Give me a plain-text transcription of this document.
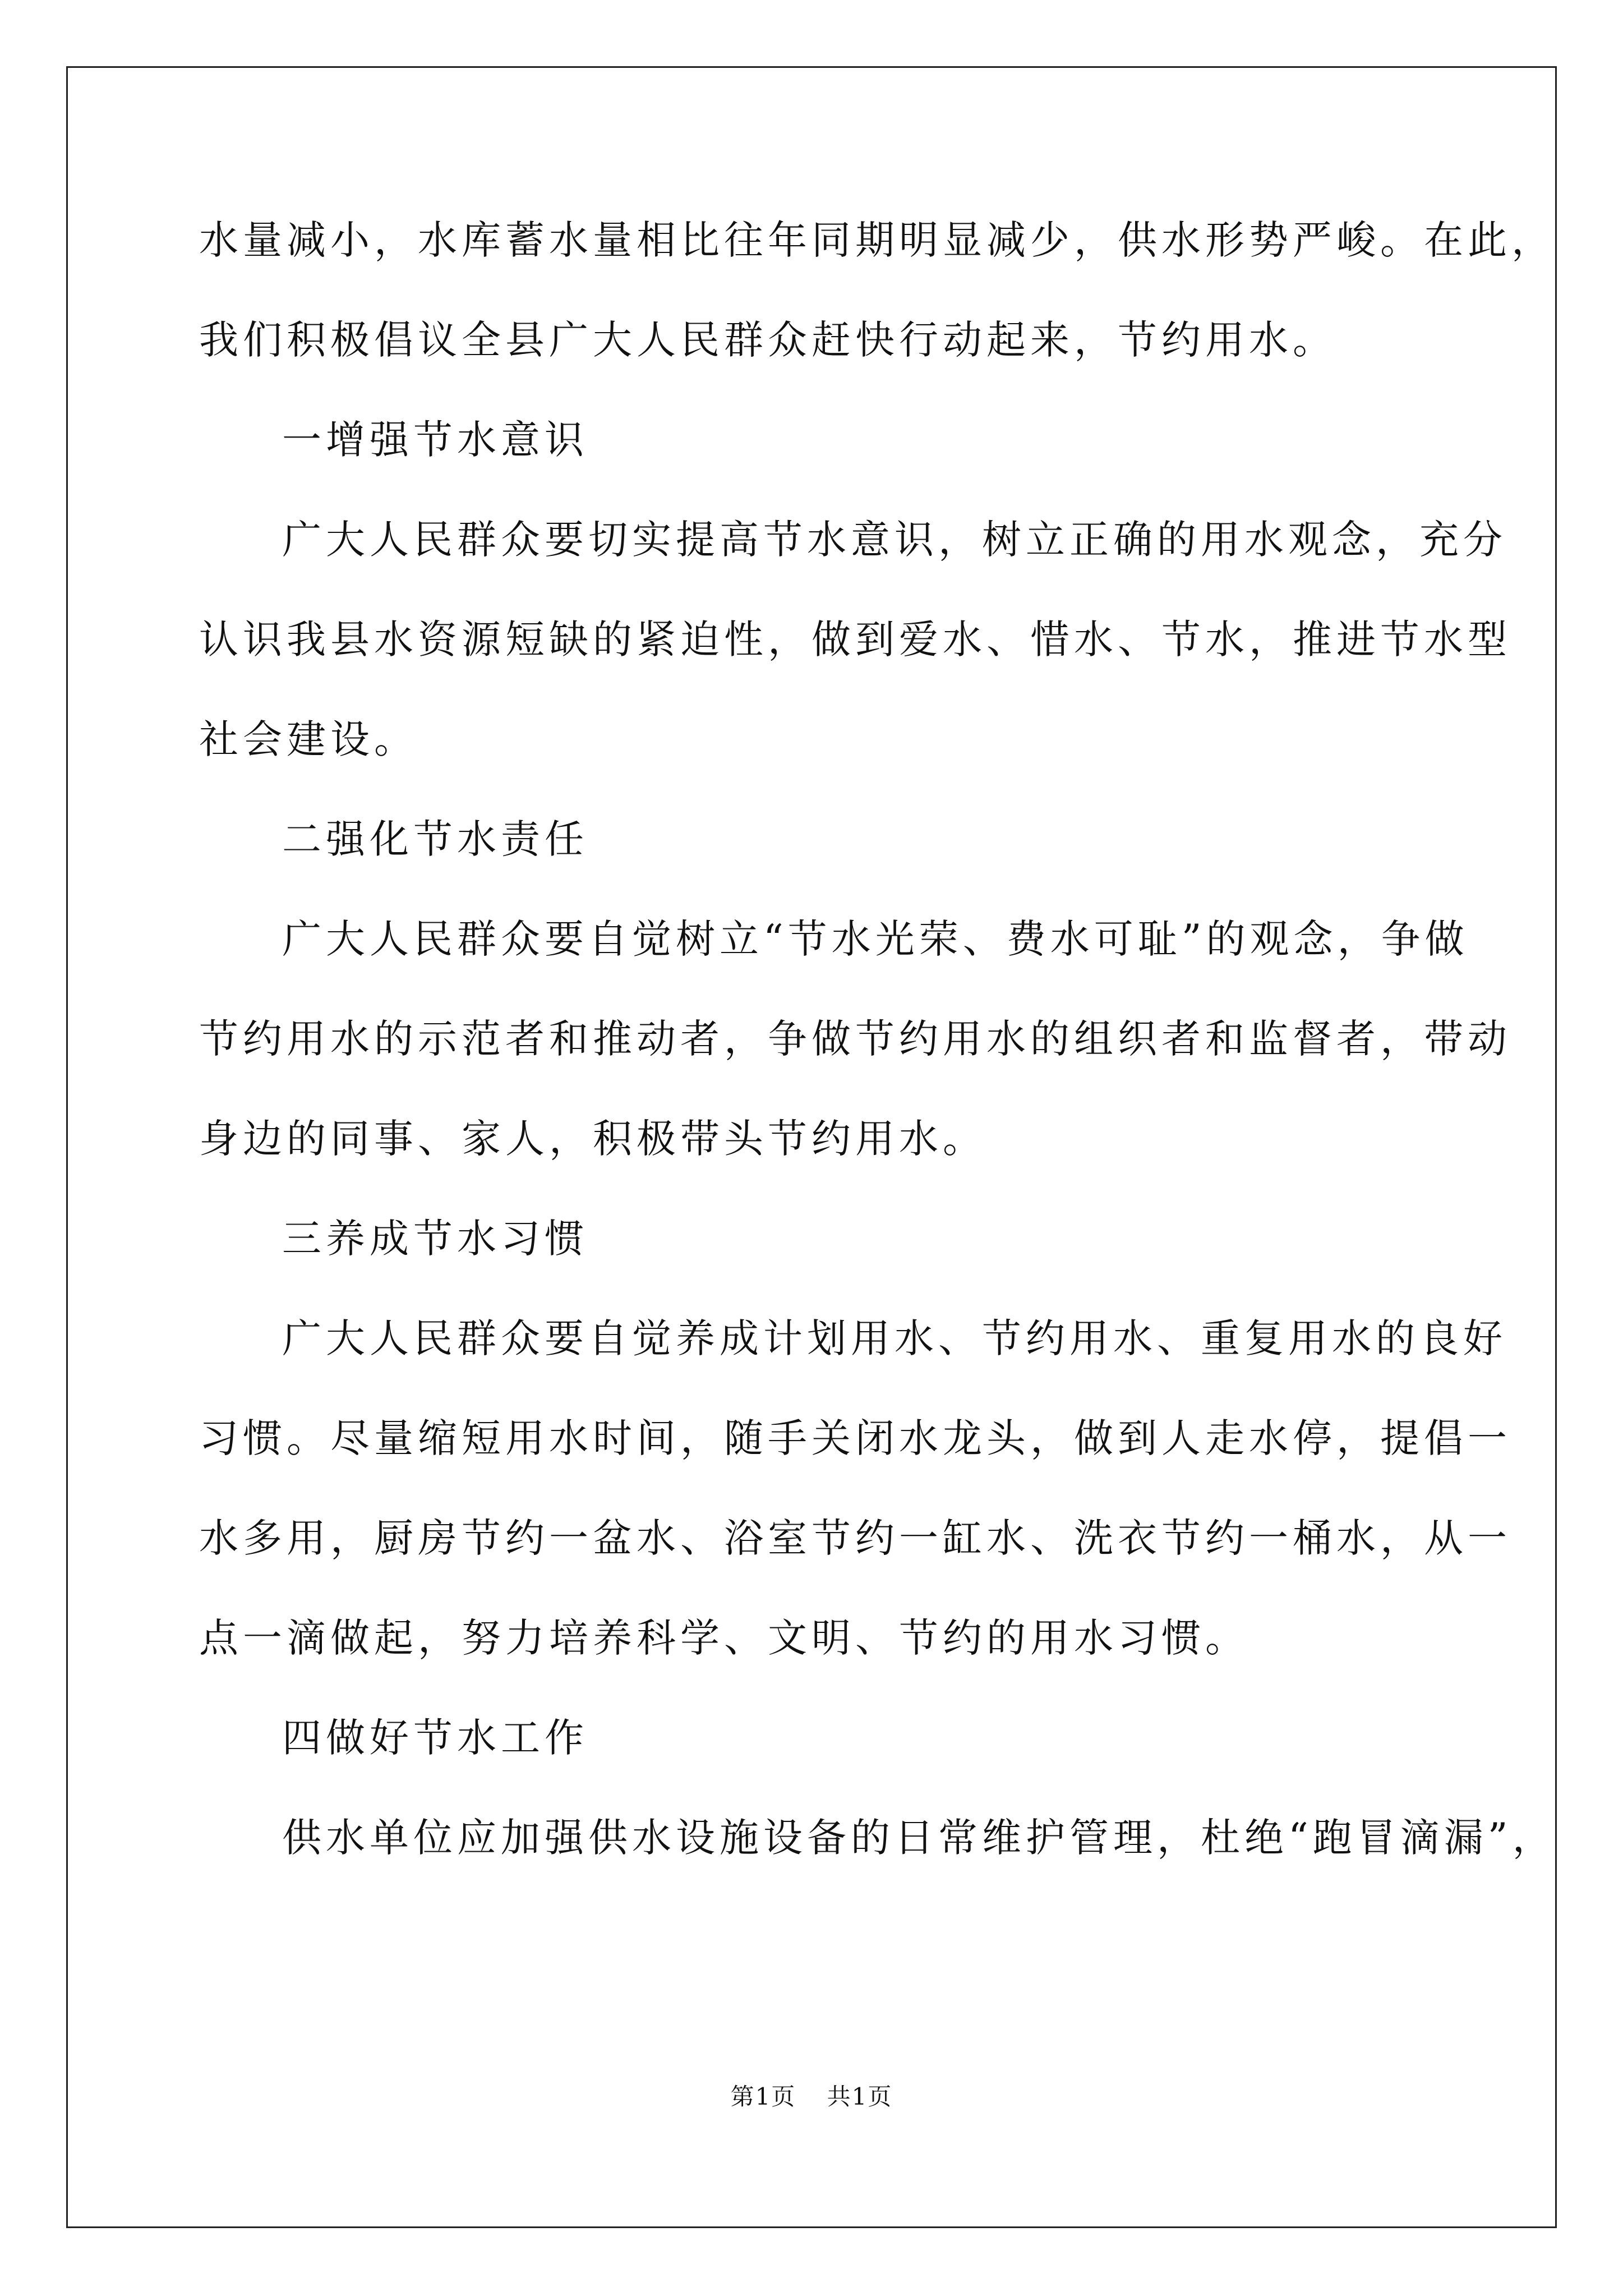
水量减小，水库蓄水量相比往年同期明显减少，供水形势严峻。在此，
我们积极倡议全县广大人民群众赶快行动起来，节约用水。
一增强节水意识
广大人民群众要切实提高节水意识，树立正确的用水观念，充分
认识我县水资源短缺的紧迫性，做到爱水、惜水、节水，推进节水型
社会建设。
二强化节水责任
广大人民群众要自觉树立“节水光荣、费水可耻”的观念，争做
节约用水的示范者和推动者，争做节约用水的组织者和监督者，带动
身边的同事、家人，积极带头节约用水。
三养成节水习惯
广大人民群众要自觉养成计划用水、节约用水、重复用水的良好
习惯。尽量缩短用水时间，随手关闭水龙头，做到人走水停，提倡一
水多用，厨房节约一盆水、浴室节约一缸水、洗衣节约一桶水，从一
点一滴做起，努力培养科学、文明、节约的用水习惯。
四做好节水工作
供水单位应加强供水设施设备的日常维护管理，杜绝“跑冒滴漏”，
第1页 共1页
